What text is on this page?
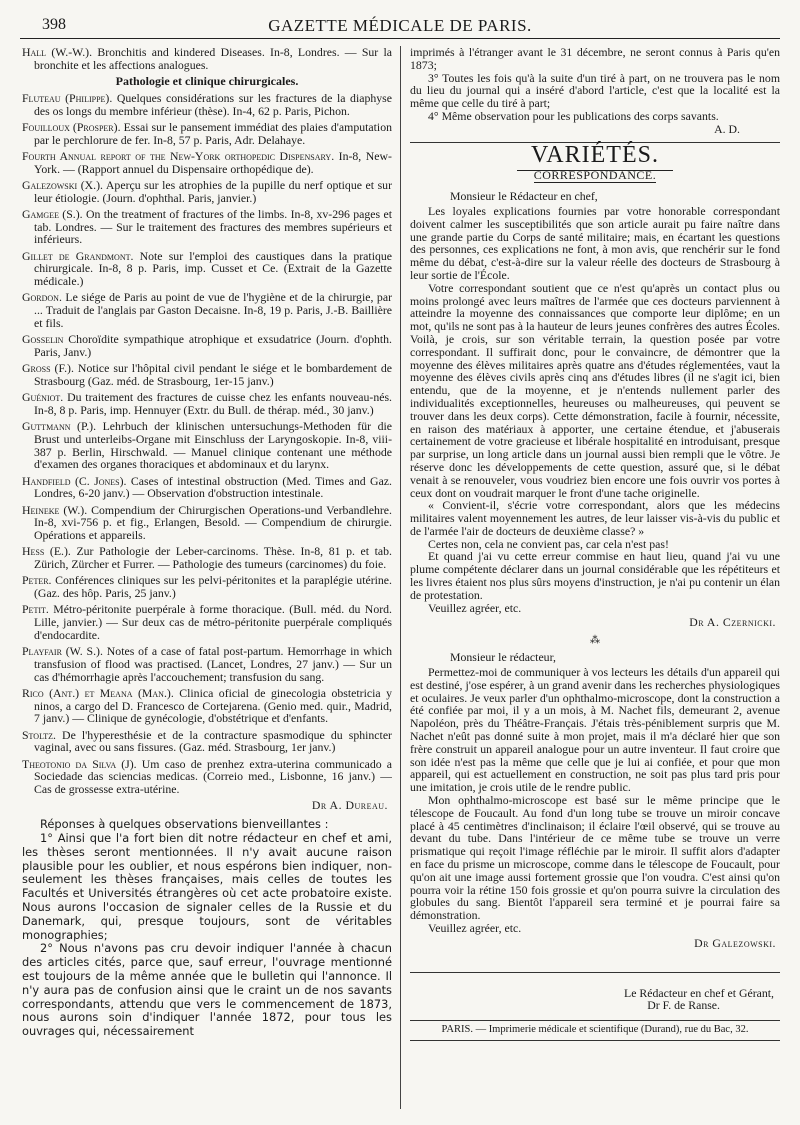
398	GAZETTE MÉDICALE DE PARIS.

Hall (W.-W.). Bronchitis and kindered Diseases. In-8, Londres. — Sur la bronchite et les affections analogues.

Pathologie et clinique chirurgicales.

Fluteau (Philippe). Quelques considérations sur les fractures de la diaphyse des os longs du membre inférieur (thèse). In-4, 62 p. Paris, Pichon.

Fouilloux (Prosper). Essai sur le pansement immédiat des plaies d'amputation par le perchlorure de fer. In-8, 57 p. Paris, Adr. Delahaye.

Fourth Annual report of the New-York orthopedic Dispensary. In-8, New-York. — (Rapport annuel du Dispensaire orthopédique de).

Galezowski (X.). Aperçu sur les atrophies de la pupille du nerf optique et sur leur étiologie. (Journ. d'ophthal. Paris, janvier.)

Gamgee (S.). On the treatment of fractures of the limbs. In-8, xv-296 pages et tab. Londres. — Sur le traitement des fractures des membres supérieurs et inférieurs.

Gillet de Grandmont. Note sur l'emploi des caustiques dans la pratique chirurgicale. In-8, 8 p. Paris, imp. Cusset et Ce. (Extrait de la Gazette médicale.)

Gordon. Le siége de Paris au point de vue de l'hygiène et de la chirurgie, par ... Traduit de l'anglais par Gaston Decaisne. In-8, 19 p. Paris, J.-B. Baillière et fils.

Gosselin Choroïdite sympathique atrophique et exsudatrice (Journ. d'ophth. Paris, Janv.)

Gross (F.). Notice sur l'hôpital civil pendant le siége et le bombardement de Strasbourg (Gaz. méd. de Strasbourg, 1er-15 janv.)

Guéniot. Du traitement des fractures de cuisse chez les enfants nouveau-nés. In-8, 8 p. Paris, imp. Hennuyer (Extr. du Bull. de thérap. méd., 30 janv.)

Guttmann (P.). Lehrbuch der klinischen untersuchungs-Methoden für die Brust und unterleibs-Organe mit Einschluss der Laryngoskopie. In-8, viii-387 p. Berlin, Hirschwald. — Manuel clinique contenant une méthode d'examen des organes thoraciques et abdominaux et du larynx.

Handfield (C. Jones). Cases of intestinal obstruction (Med. Times and Gaz. Londres, 6-20 janv.) — Observation d'obstruction intestinale.

Heineke (W.). Compendium der Chirurgischen Operations-und Verbandlehre. In-8, xvi-756 p. et fig., Erlangen, Besold. — Compendium de chirurgie. Opérations et appareils.

Hess (E.). Zur Pathologie der Leber-carcinoms. Thèse. In-8, 81 p. et tab. Zürich, Zürcher et Furrer. — Pathologie des tumeurs (carcinomes) du foie.

Peter. Conférences cliniques sur les pelvi-péritonites et la paraplégie utérine. (Gaz. des hôp. Paris, 25 janv.)

Petit. Métro-péritonite puerpérale à forme thoracique. (Bull. méd. du Nord. Lille, janvier.) — Sur deux cas de métro-péritonite puerpérale compliqués d'endocardite.

Playfair (W. S.). Notes of a case of fatal post-partum. Hemorrhage in which transfusion of flood was practised. (Lancet, Londres, 27 janv.) — Sur un cas d'hémorrhagie après l'accouchement; transfusion du sang.

Rico (Ant.) et Meana (Man.). Clinica oficial de ginecologia obstetricia y ninos, a cargo del D. Francesco de Cortejarena. (Genio med. quir., Madrid, 7 janv.) — Clinique de gynécologie, d'obstétrique et d'enfants.

Stoltz. De l'hyperesthésie et de la contracture spasmodique du sphincter vaginal, avec ou sans fissures. (Gaz. méd. Strasbourg, 1er janv.)

Theotonio da Silva (J). Um caso de prenhez extra-uterina communicado a Sociedade das sciencias medicas. (Correio med., Lisbonne, 16 janv.) — Cas de grossesse extra-utérine.

Dr A. Dureau.

Réponses à quelques observations bienveillantes :

1° Ainsi que l'a fort bien dit notre rédacteur en chef et ami, les thèses seront mentionnées. Il n'y avait aucune raison plausible pour les oublier, et nous espérons bien indiquer, non-seulement les thèses françaises, mais celles de toutes les Facultés et Universités étrangères où cet acte probatoire existe. Nous aurons l'occasion de signaler celles de la Russie et du Danemark, qui, presque toujours, sont de véritables monographies;

2° Nous n'avons pas cru devoir indiquer l'année à chacun des articles cités, parce que, sauf erreur, l'ouvrage mentionné est toujours de la même année que le bulletin qui l'annonce. Il n'y aura pas de confusion ainsi que le craint un de nos savants correspondants, attendu que vers le commencement de 1873, nous aurons soin d'indiquer l'année 1872, pour tous les ouvrages qui, nécessairement

imprimés à l'étranger avant le 31 décembre, ne seront connus à Paris qu'en 1873;

3° Toutes les fois qu'à la suite d'un tiré à part, on ne trouvera pas le nom du lieu du journal qui a inséré d'abord l'article, c'est que la localité est la même que celle du tiré à part;

4° Même observation pour les publications des corps savants.

A. D.
VARIÉTÉS.
CORRESPONDANCE.
Monsieur le Rédacteur en chef,

Les loyales explications fournies par votre honorable correspondant doivent calmer les susceptibilités que son article aurait pu faire naître dans une grande partie du Corps de santé militaire; mais, en écartant les questions des personnes, ces explications ne font, à mon avis, que renchérir sur le fond même du débat, c'est-à-dire sur la valeur réelle des docteurs de Strasbourg à leur sortie de l'École.

Votre correspondant soutient que ce n'est qu'après un contact plus ou moins prolongé avec leurs maîtres de l'armée que ces docteurs parviennent à atteindre la moyenne des connaissances que comporte leur diplôme; en un mot, qu'ils ne sont pas à la hauteur de leurs jeunes confrères des autres Écoles. Voilà, je crois, sur son véritable terrain, la question posée par votre correspondant. Il suffirait donc, pour le convaincre, de démontrer que la moyenne des élèves militaires après quatre ans d'études réglementées, vaut la moyenne des élèves civils après cinq ans d'études libres (il ne s'agit ici, bien entendu, que de la moyenne, et je n'entends nullement parler des individualités exceptionnelles, heureuses ou malheureuses, qui peuvent se trouver dans les deux corps). Cette démonstration, facile à fournir, nécessite, en raison des matériaux à apporter, une certaine étendue, et j'abuserais certainement de votre gracieuse et libérale hospitalité en introduisant, presque par surprise, un long article dans un journal aussi bien rempli que le vôtre. Je réserve donc les développements de cette question, assuré que, si le débat venait à se renouveler, vous voudriez bien encore une fois ouvrir vos portes à ceux dont on voudrait marquer le front d'une tache originelle.

« Convient-il, s'écrie votre correspondant, alors que les médecins militaires valent moyennement les autres, de leur laisser vis-à-vis du public et de l'armée l'air de docteurs de deuxième classe? »

Certes non, cela ne convient pas, car cela n'est pas!

Et quand j'ai vu cette erreur commise en haut lieu, quand j'ai vu une plume compétente déclarer dans un journal considérable que les répétiteurs et les livres étaient nos plus sûrs moyens d'instruction, je n'ai pu contenir un élan de protestation.

Veuillez agréer, etc.

Dr A. Czernicki.
⁂
Monsieur le rédacteur,

Permettez-moi de communiquer à vos lecteurs les détails d'un appareil qui est destiné, j'ose espérer, à un grand avenir dans les recherches physiologiques et oculaires. Je veux parler d'un ophthalmo-microscope, dont la construction a été confiée par moi, il y a un mois, à M. Nachet fils, demeurant 2, avenue Napoléon, près du Théâtre-Français. J'étais très-péniblement surpris que M. Nachet n'eût pas donné suite à mon projet, mais il m'a déclaré hier que son frère construit un appareil analogue pour un autre inventeur. Il faut croire que son idée n'est pas la même que celle que je lui ai confiée, et pour que mon appareil, qui est actuellement en construction, ne soit pas plus tard pris pour une imitation, je crois utile de le rendre public.

Mon ophthalmo-microscope est basé sur le même principe que le télescope de Foucault. Au fond d'un long tube se trouve un miroir concave placé à 45 centimètres d'inclinaison; il éclaire l'œil observé, qui se trouve au devant du tube. Dans l'intérieur de ce même tube se trouve un verre prismatique qui reçoit l'image réfléchie par le miroir. Il suffit alors d'adapter en face du prisme un microscope, comme dans le télescope de Foucault, pour qu'on ait une image aussi fortement grossie que l'on voudra. C'est ainsi qu'on pourra voir la rétine 150 fois grossie et qu'on pourra suivre la circulation des globules du sang. Bientôt l'appareil sera terminé et je pourrai faire sa démonstration.

Veuillez agréer, etc.

Dr Galezowski.
Le Rédacteur en chef et Gérant,
Dr F. de Ranse.
PARIS. — Imprimerie médicale et scientifique (Durand), rue du Bac, 32.
